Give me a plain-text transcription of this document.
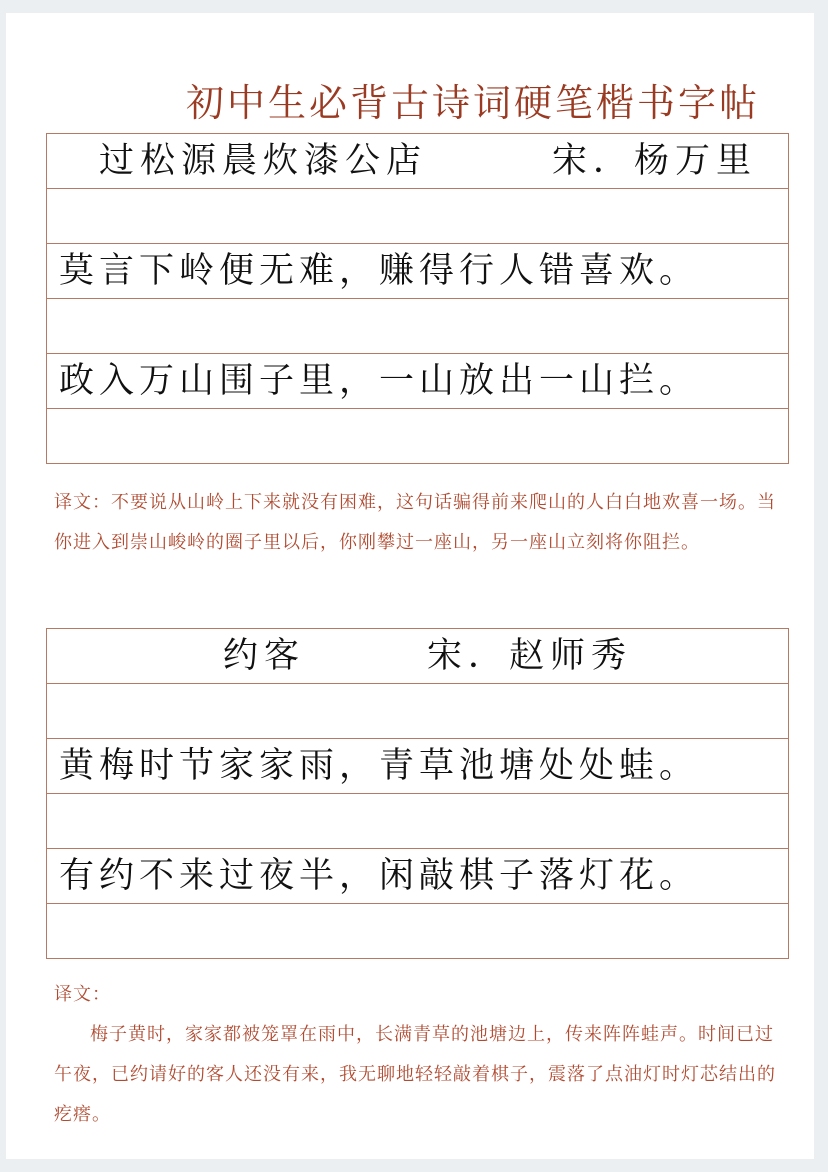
初中生必背古诗词硬笔楷书字帖
过松源晨炊漆公店	宋．杨万里
莫言下岭便无难，赚得行人错喜欢。
政入万山围子里，一山放出一山拦。

译文：不要说从山岭上下来就没有困难，这句话骗得前来爬山的人白白地欢喜一场。当你进入到崇山峻岭的圈子里以后，你刚攀过一座山，另一座山立刻将你阻拦。

约客	宋．赵师秀
黄梅时节家家雨，青草池塘处处蛙。
有约不来过夜半，闲敲棋子落灯花。

译文：

梅子黄时，家家都被笼罩在雨中，长满青草的池塘边上，传来阵阵蛙声。时间已过午夜，已约请好的客人还没有来，我无聊地轻轻敲着棋子，震落了点油灯时灯芯结出的疙瘩。
